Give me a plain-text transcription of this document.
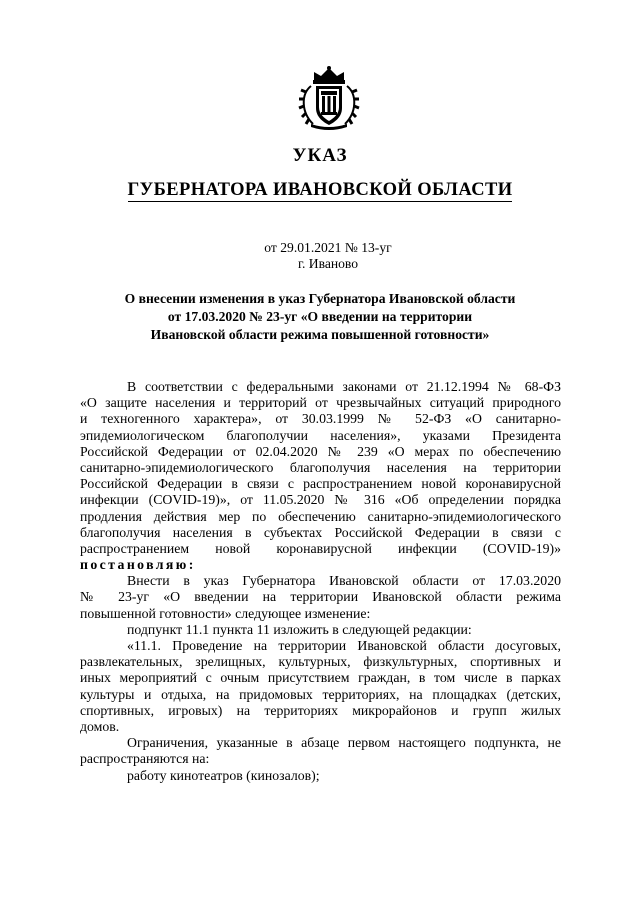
УКАЗ
ГУБЕРНАТОРА ИВАНОВСКОЙ ОБЛАСТИ
от 29.01.2021 № 13-уг
г. Иваново
О внесении изменения в указ Губернатора Ивановской области
от 17.03.2020 № 23-уг «О введении на территории
Ивановской области режима повышенной готовности»
В соответствии с федеральными законами от 21.12.1994 № 68-ФЗ
«О защите населения и территорий от чрезвычайных ситуаций природного
и техногенного характера», от 30.03.1999 № 52-ФЗ «О санитарно-
эпидемиологическом благополучии населения», указами Президента
Российской Федерации от 02.04.2020 № 239 «О мерах по обеспечению
санитарно-эпидемиологического благополучия населения на территории
Российской Федерации в связи с распространением новой коронавирусной
инфекции (COVID-19)», от 11.05.2020 № 316 «Об определении порядка
продления действия мер по обеспечению санитарно-эпидемиологического
благополучия населения в субъектах Российской Федерации в связи с
распространением новой коронавирусной инфекции (COVID-19)»
постановляю:
Внести в указ Губернатора Ивановской области от 17.03.2020
№ 23-уг «О введении на территории Ивановской области режима
повышенной готовности» следующее изменение:
подпункт 11.1 пункта 11 изложить в следующей редакции:
«11.1. Проведение на территории Ивановской области досуговых,
развлекательных, зрелищных, культурных, физкультурных, спортивных и
иных мероприятий с очным присутствием граждан, в том числе в парках
культуры и отдыха, на придомовых территориях, на площадках (детских,
спортивных, игровых) на территориях микрорайонов и групп жилых
домов.
Ограничения, указанные в абзаце первом настоящего подпункта, не
распространяются на:
работу кинотеатров (кинозалов);
